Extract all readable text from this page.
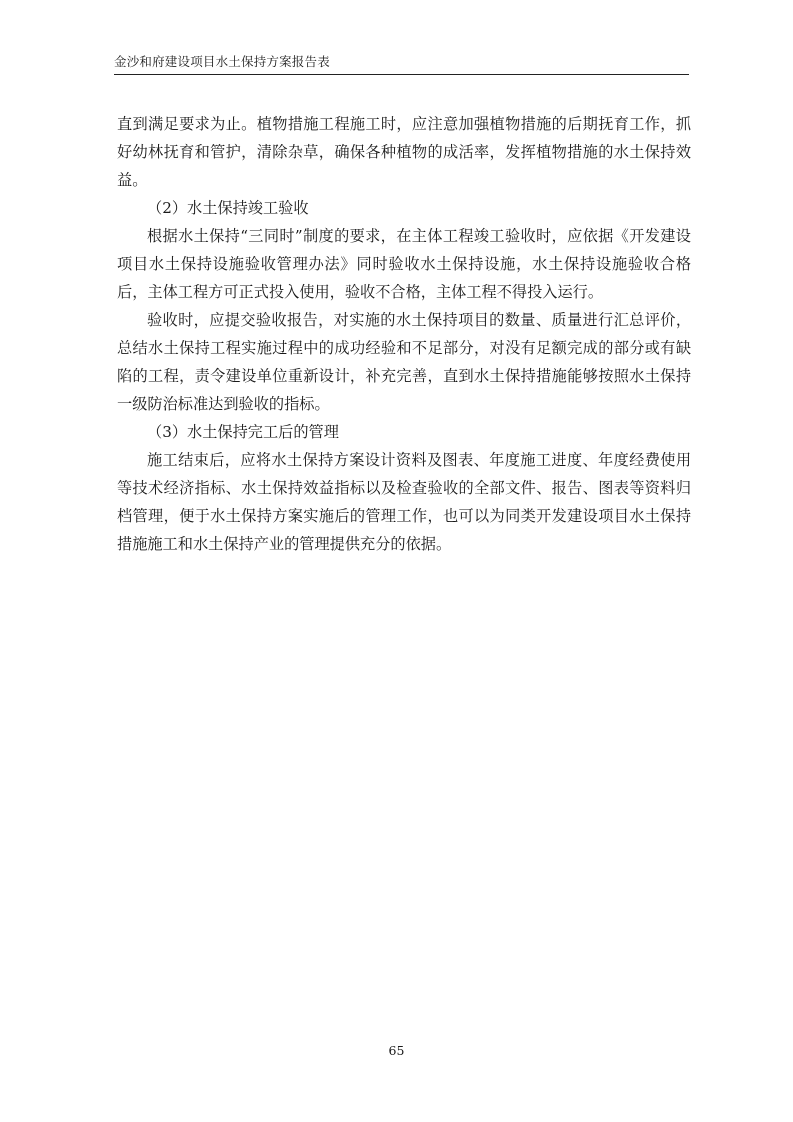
金沙和府建设项目水土保持方案报告表

直到满足要求为止。植物措施工程施工时，应注意加强植物措施的后期抚育工作，抓好幼林抚育和管护，清除杂草，确保各种植物的成活率，发挥植物措施的水土保持效益。

（2）水土保持竣工验收

根据水土保持“三同时”制度的要求，在主体工程竣工验收时，应依据《开发建设项目水土保持设施验收管理办法》同时验收水土保持设施，水土保持设施验收合格后，主体工程方可正式投入使用，验收不合格，主体工程不得投入运行。

验收时，应提交验收报告，对实施的水土保持项目的数量、质量进行汇总评价，总结水土保持工程实施过程中的成功经验和不足部分，对没有足额完成的部分或有缺陷的工程，责令建设单位重新设计，补充完善，直到水土保持措施能够按照水土保持一级防治标准达到验收的指标。

（3）水土保持完工后的管理

施工结束后，应将水土保持方案设计资料及图表、年度施工进度、年度经费使用等技术经济指标、水土保持效益指标以及检查验收的全部文件、报告、图表等资料归档管理，便于水土保持方案实施后的管理工作，也可以为同类开发建设项目水土保持措施施工和水土保持产业的管理提供充分的依据。

65
